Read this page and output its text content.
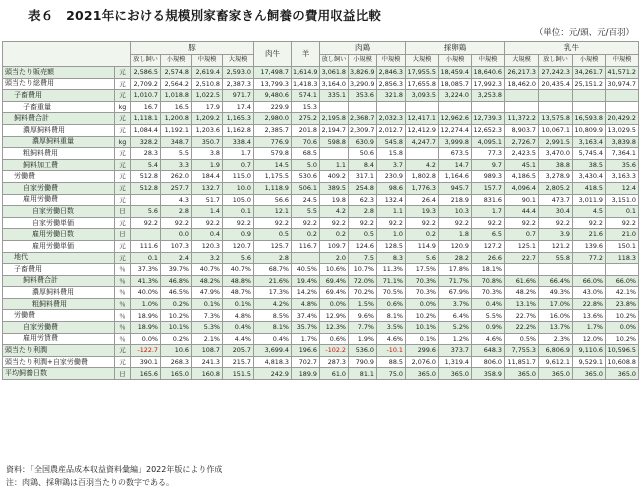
表６　2021年における規模別家畜家きん飼養の費用収益比較
（単位：元/頭、元/百羽）
		豚				肉牛	羊	肉鶏			採卵鶏			乳牛				
		放し飼い	小規模	中規模	大規模			放し飼い	小規模	中規模	大規模	小規模	中規模	大規模	放し飼い	小規模	中規模	
頭当たり販売額	元	2,586.5	2,574.8	2,619.4	2,593.0	17,498.7	1,614.9	3,061.8	3,826.9	2,846.3	17,955.5	18,459.4	18,640.6	26,217.3	27,242.3	34,261.7	41,571.2	
頭当たり総費用	元	2,709.2	2,564.2	2,510.8	2,387.3	13,799.3	1,418.3	3,164.0	3,290.9	2,856.3	17,655.8	18,085.7	17,992.3	18,462.0	20,435.4	25,151.2	30,974.7	
子畜費用	元	1,010.7	1,018.8	1,022.5	971.7	9,480.6	574.1	335.1	353.6	321.8	3,093.5	3,224.0	3,253.8					
子畜重量	kg	16.7	16.5	17.9	17.4	229.9	15.3											
飼料費合計	元	1,118.1	1,200.8	1,209.2	1,165.3	2,980.0	275.2	2,195.8	2,368.7	2,032.3	12,417.1	12,962.6	12,739.3	11,372.2	13,575.8	16,593.8	20,429.2	
濃厚飼料費用	元	1,084.4	1,192.1	1,203.6	1,162.8	2,385.7	201.8	2,194.7	2,309.7	2,012.7	12,412.9	12,274.4	12,652.3	8,903.7	10,067.1	10,809.9	13,029.5	
濃厚飼料重量	kg	328.2	348.7	350.7	338.4	776.9	70.6	598.8	630.9	545.8	4,247.7	3,999.8	4,095.1	2,726.7	2,991.5	3,163.4	3,839.8	
粗飼料費用	元	28.3	5.5	3.8	1.7	579.8	68.5		50.6	15.8		673.5	77.3	2,423.5	3,470.0	5,745.4	7,364.1	
飼料加工費	元	5.4	3.3	1.9	0.7	14.5	5.0	1.1	8.4	3.7	4.2	14.7	9.7	45.1	38.8	38.5	35.6	
労働費	元	512.8	262.0	184.4	115.0	1,175.5	530.6	409.2	317.1	230.9	1,802.8	1,164.6	989.3	4,186.5	3,278.9	3,430.4	3,163.3	
自家労働費	元	512.8	257.7	132.7	10.0	1,118.9	506.1	389.5	254.8	98.6	1,776.3	945.7	157.7	4,096.4	2,805.2	418.5	12.4	
雇用労働費	元		4.3	51.7	105.0	56.6	24.5	19.8	62.3	132.4	26.4	218.9	831.6	90.1	473.7	3,011.9	3,151.0	
自家労働日数	日	5.6	2.8	1.4	0.1	12.1	5.5	4.2	2.8	1.1	19.3	10.3	1.7	44.4	30.4	4.5	0.1	
自家労働単価	元	92.2	92.2	92.2	92.2	92.2	92.2	92.2	92.2	92.2	92.2	92.2	92.2	92.2	92.2	92.2	92.2	
雇用労働日数	日		0.0	0.4	0.9	0.5	0.2	0.2	0.5	1.0	0.2	1.8	6.5	0.7	3.9	21.6	21.0	
雇用労働単価	元	111.6	107.3	120.3	120.7	125.7	116.7	109.7	124.6	128.5	114.9	120.9	127.2	125.1	121.2	139.6	150.1	
地代	元	0.1	2.4	3.2	5.6	2.8		2.0	7.5	8.3	5.6	28.2	26.6	22.7	55.8	77.2	118.3	
子畜費用	％	37.3%	39.7%	40.7%	40.7%	68.7%	40.5%	10.6%	10.7%	11.3%	17.5%	17.8%	18.1%					
飼料費合計	％	41.3%	46.8%	48.2%	48.8%	21.6%	19.4%	69.4%	72.0%	71.1%	70.3%	71.7%	70.8%	61.6%	66.4%	66.0%	66.0%	
濃厚飼料費用	％	40.0%	46.5%	47.9%	48.7%	17.3%	14.2%	69.4%	70.2%	70.5%	70.3%	67.9%	70.3%	48.2%	49.3%	43.0%	42.1%	
粗飼料費用	％	1.0%	0.2%	0.1%	0.1%	4.2%	4.8%	0.0%	1.5%	0.6%	0.0%	3.7%	0.4%	13.1%	17.0%	22.8%	23.8%	
労働費	％	18.9%	10.2%	7.3%	4.8%	8.5%	37.4%	12.9%	9.6%	8.1%	10.2%	6.4%	5.5%	22.7%	16.0%	13.6%	10.2%	
自家労働費	％	18.9%	10.1%	5.3%	0.4%	8.1%	35.7%	12.3%	7.7%	3.5%	10.1%	5.2%	0.9%	22.2%	13.7%	1.7%	0.0%	
雇用労賃費	％	0.0%	0.2%	2.1%	4.4%	0.4%	1.7%	0.6%	1.9%	4.6%	0.1%	1.2%	4.6%	0.5%	2.3%	12.0%	10.2%	
頭当たり利潤	元	-122.7	10.6	108.7	205.7	3,699.4	196.6	-102.2	536.0	-10.1	299.6	373.7	648.3	7,755.3	6,806.9	9,110.6	10,596.5	
頭当たり利潤+自家労働費	元	390.1	268.3	241.3	215.7	4,818.3	702.7	287.3	790.9	88.5	2,076.0	1,319.4	806.0	11,851.7	9,612.1	9,529.1	10,608.8	
平均飼養日数	日	165.6	165.0	160.8	151.5	242.9	189.9	61.0	81.1	75.0	365.0	365.0	358.9	365.0	365.0	365.0	365.0	
資料：「全国農産品成本収益資料彙編」2022年版により作成
注：肉鶏、採卵鶏は百羽当たりの数字である。
